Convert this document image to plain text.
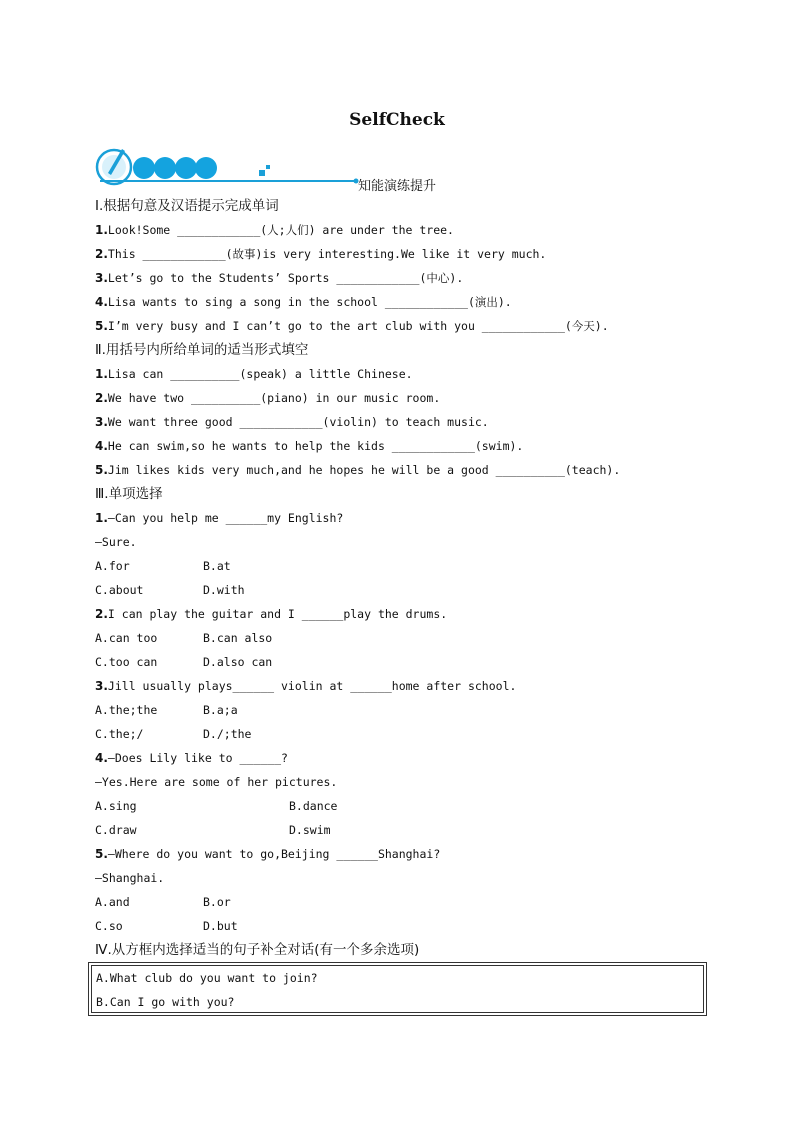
SelfCheck
知能演练提升
Ⅰ.根据句意及汉语提示完成单词
1.Look!Some ____________(人;人们) are under the tree.
2.This ____________(故事)is very interesting.We like it very much.
3.Let’s go to the Students’ Sports ____________(中心).
4.Lisa wants to sing a song in the school ____________(演出).
5.I’m very busy and I can’t go to the art club with you ____________(今天).
Ⅱ.用括号内所给单词的适当形式填空
1.Lisa can __________(speak) a little Chinese.
2.We have two __________(piano) in our music room.
3.We want three good ____________(violin) to teach music.
4.He can swim,so he wants to help the kids ____________(swim).
5.Jim likes kids very much,and he hopes he will be a good __________(teach).
Ⅲ.单项选择
1.—Can you help me ______my English?
—Sure.
A.for	B.at
C.about	D.with
2.I can play the guitar and I ______play the drums.
A.can too	B.can also
C.too can	D.also can
3.Jill usually plays______ violin at ______home after school.
A.the;the	B.a;a
C.the;/	D./;the
4.—Does Lily like to ______?
—Yes.Here are some of her pictures.
A.sing	B.dance
C.draw	D.swim
5.—Where do you want to go,Beijing ______Shanghai?
—Shanghai.
A.and	B.or
C.so	D.but
Ⅳ.从方框内选择适当的句子补全对话(有一个多余选项)
A.What club do you want to join?
B.Can I go with you?
